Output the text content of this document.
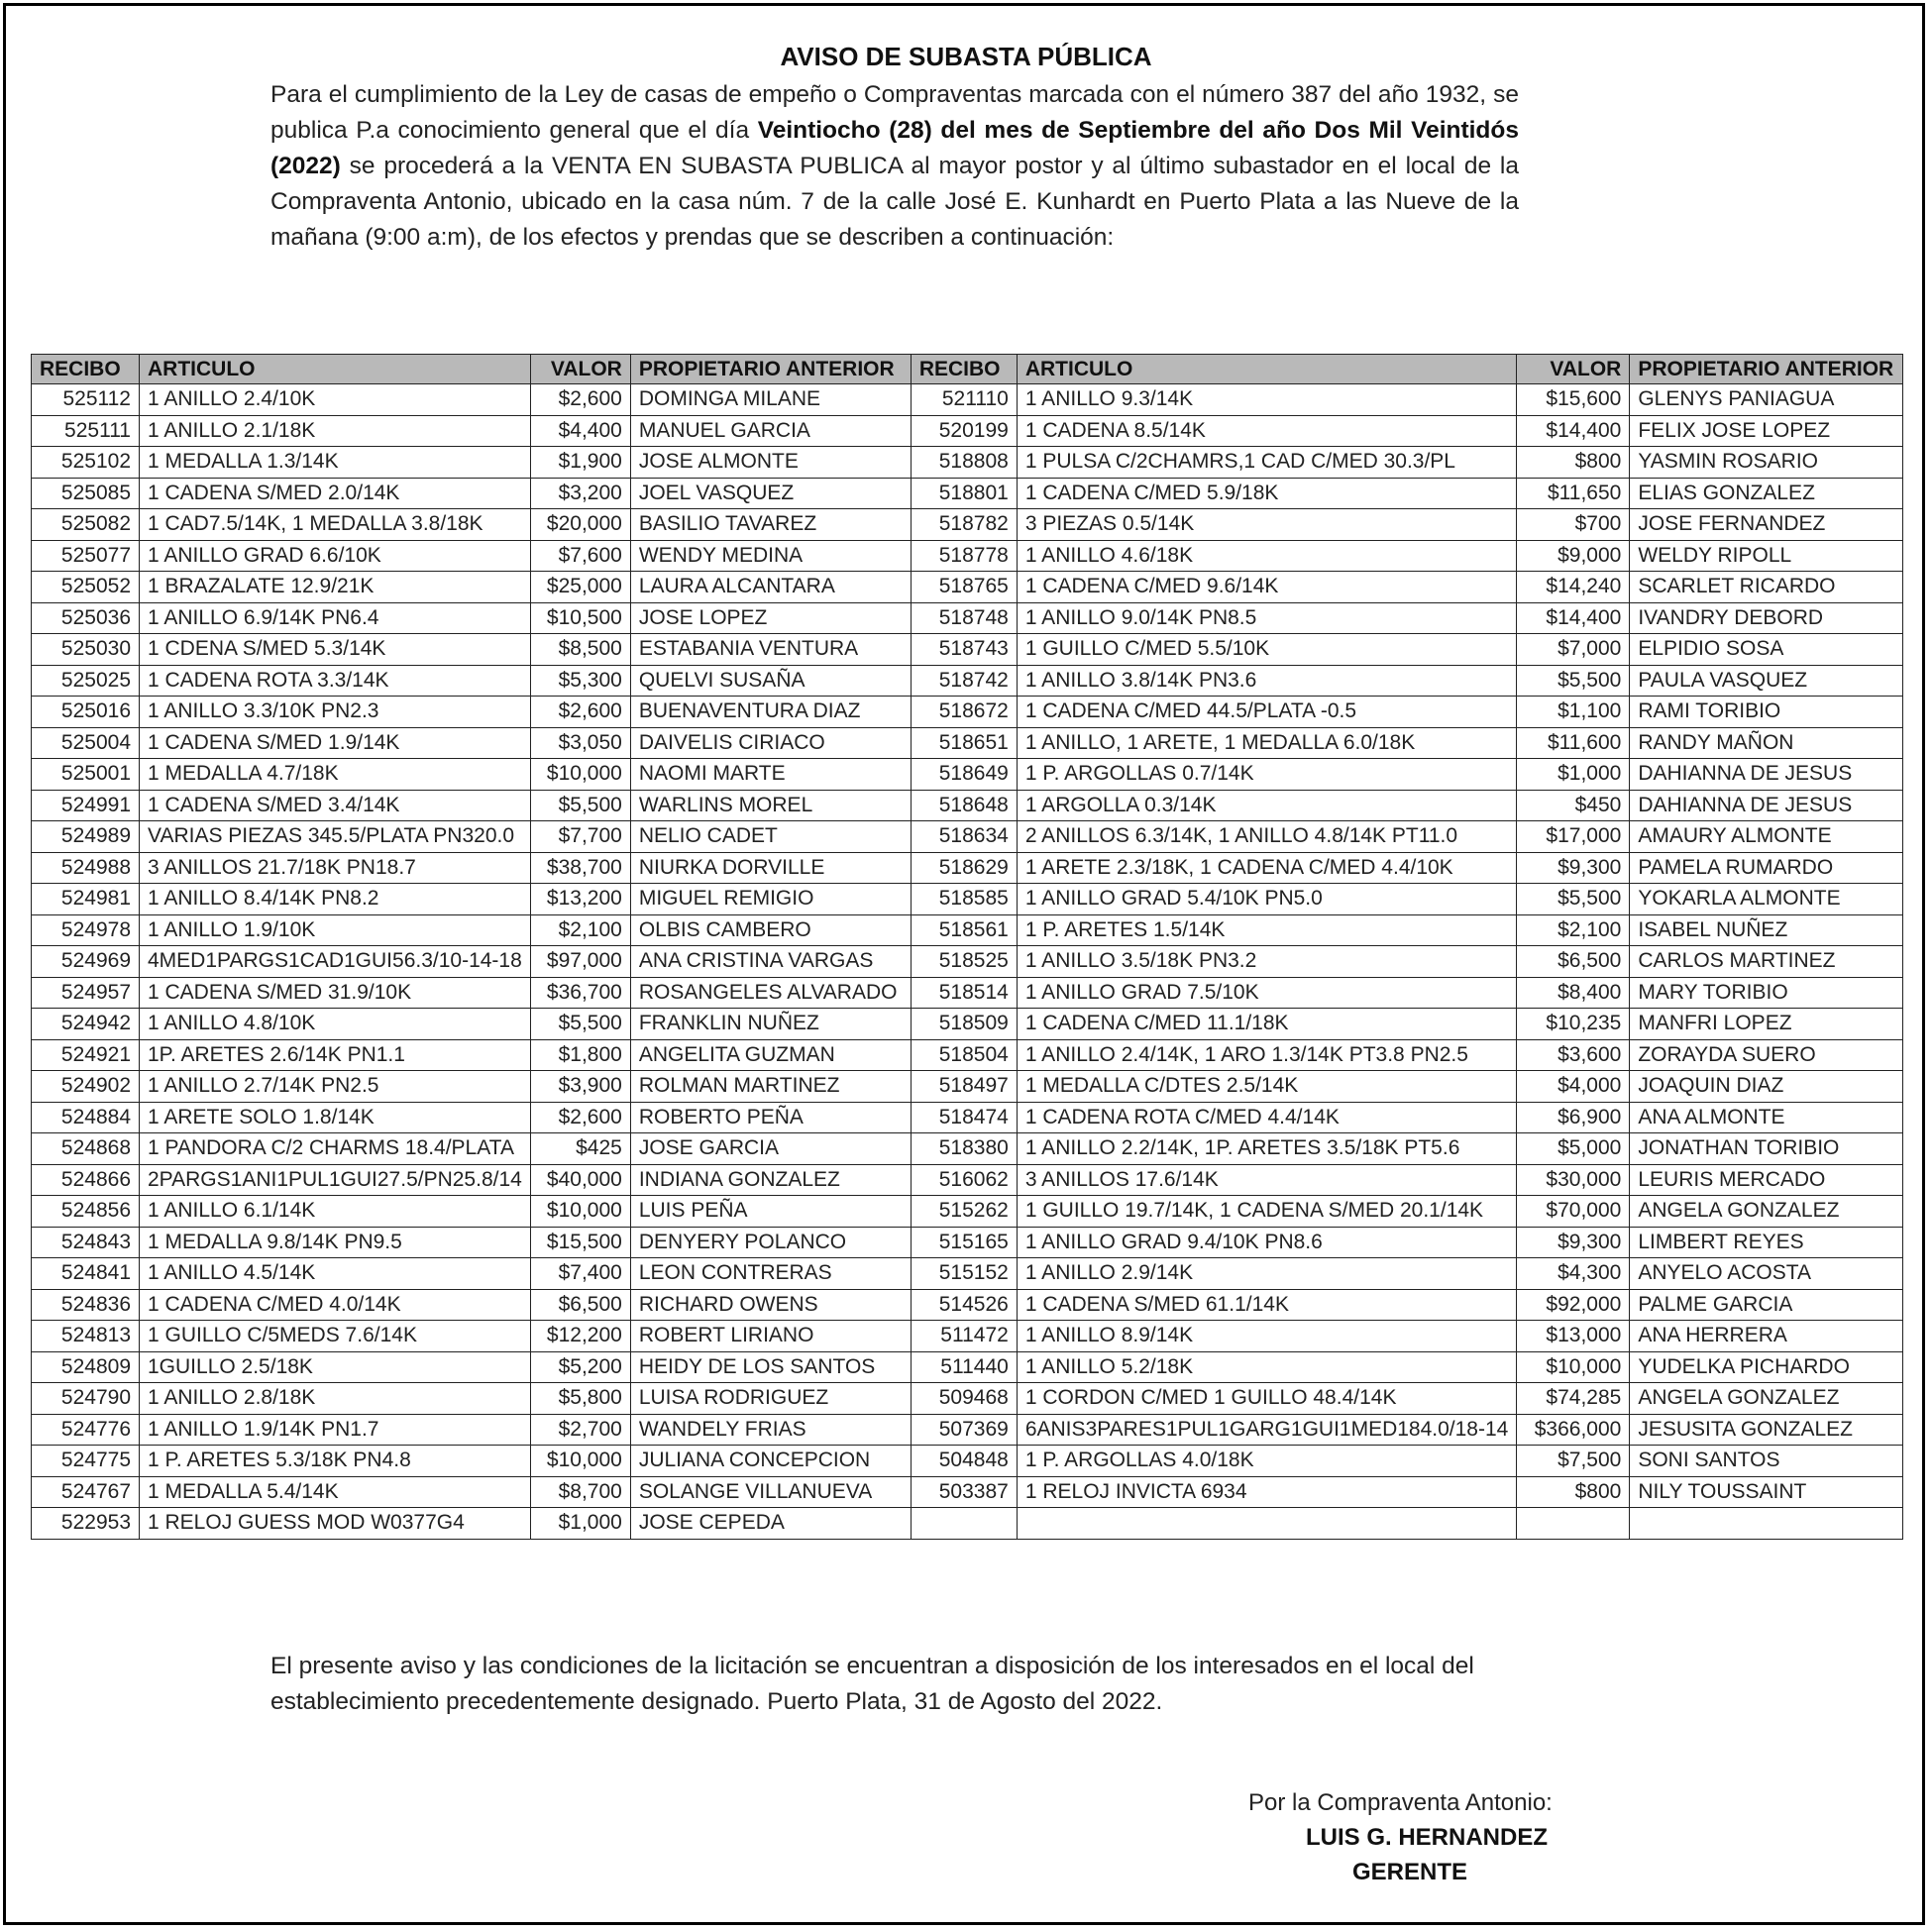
AVISO DE SUBASTA PÚBLICA
Para el cumplimiento de la Ley de casas de empeño o Compraventas marcada con el número 387 del año 1932, se publica P.a conocimiento general que el día Veintiocho (28) del mes de Septiembre del año Dos Mil Veintidós (2022) se procederá a la VENTA EN SUBASTA PUBLICA al mayor postor y al último subastador en el local de la Compraventa Antonio, ubicado en la casa núm. 7 de la calle José E. Kunhardt en Puerto Plata a las Nueve de la mañana (9:00 a:m), de los efectos y prendas que se describen a continuación:
RECIBO	ARTICULO	VALOR	PROPIETARIO ANTERIOR	RECIBO	ARTICULO	VALOR	PROPIETARIO ANTERIOR
525112	1 ANILLO 2.4/10K	$2,600	DOMINGA MILANE	521110	1 ANILLO 9.3/14K	$15,600	GLENYS PANIAGUA
525111	1 ANILLO 2.1/18K	$4,400	MANUEL GARCIA	520199	1 CADENA 8.5/14K	$14,400	FELIX JOSE LOPEZ
525102	1 MEDALLA 1.3/14K	$1,900	JOSE ALMONTE	518808	1 PULSA C/2CHAMRS,1 CAD C/MED 30.3/PL	$800	YASMIN ROSARIO
525085	1 CADENA S/MED 2.0/14K	$3,200	JOEL VASQUEZ	518801	1 CADENA C/MED 5.9/18K	$11,650	ELIAS GONZALEZ
525082	1 CAD7.5/14K, 1 MEDALLA 3.8/18K	$20,000	BASILIO TAVAREZ	518782	3 PIEZAS 0.5/14K	$700	JOSE FERNANDEZ
525077	1 ANILLO GRAD 6.6/10K	$7,600	WENDY MEDINA	518778	1 ANILLO 4.6/18K	$9,000	WELDY RIPOLL
525052	1 BRAZALATE 12.9/21K	$25,000	LAURA ALCANTARA	518765	1 CADENA C/MED 9.6/14K	$14,240	SCARLET RICARDO
525036	1 ANILLO 6.9/14K PN6.4	$10,500	JOSE LOPEZ	518748	1 ANILLO 9.0/14K PN8.5	$14,400	IVANDRY DEBORD
525030	1 CDENA S/MED 5.3/14K	$8,500	ESTABANIA VENTURA	518743	1 GUILLO C/MED 5.5/10K	$7,000	ELPIDIO SOSA
525025	1 CADENA ROTA 3.3/14K	$5,300	QUELVI SUSAÑA	518742	1 ANILLO 3.8/14K PN3.6	$5,500	PAULA VASQUEZ
525016	1 ANILLO 3.3/10K PN2.3	$2,600	BUENAVENTURA DIAZ	518672	1 CADENA C/MED 44.5/PLATA -0.5	$1,100	RAMI TORIBIO
525004	1 CADENA S/MED 1.9/14K	$3,050	DAIVELIS CIRIACO	518651	1 ANILLO, 1 ARETE, 1 MEDALLA 6.0/18K	$11,600	RANDY MAÑON
525001	1 MEDALLA 4.7/18K	$10,000	NAOMI MARTE	518649	1 P. ARGOLLAS 0.7/14K	$1,000	DAHIANNA DE JESUS
524991	1 CADENA S/MED 3.4/14K	$5,500	WARLINS MOREL	518648	1 ARGOLLA 0.3/14K	$450	DAHIANNA DE JESUS
524989	VARIAS PIEZAS 345.5/PLATA PN320.0	$7,700	NELIO CADET	518634	2 ANILLOS 6.3/14K, 1 ANILLO 4.8/14K PT11.0	$17,000	AMAURY ALMONTE
524988	3 ANILLOS 21.7/18K PN18.7	$38,700	NIURKA DORVILLE	518629	1 ARETE 2.3/18K, 1 CADENA C/MED 4.4/10K	$9,300	PAMELA RUMARDO
524981	1 ANILLO 8.4/14K PN8.2	$13,200	MIGUEL REMIGIO	518585	1 ANILLO GRAD 5.4/10K PN5.0	$5,500	YOKARLA ALMONTE
524978	1 ANILLO 1.9/10K	$2,100	OLBIS CAMBERO	518561	1 P. ARETES 1.5/14K	$2,100	ISABEL NUÑEZ
524969	4MED1PARGS1CAD1GUI56.3/10-14-18	$97,000	ANA CRISTINA VARGAS	518525	1 ANILLO 3.5/18K PN3.2	$6,500	CARLOS MARTINEZ
524957	1 CADENA S/MED 31.9/10K	$36,700	ROSANGELES ALVARADO	518514	1 ANILLO GRAD 7.5/10K	$8,400	MARY TORIBIO
524942	1 ANILLO 4.8/10K	$5,500	FRANKLIN NUÑEZ	518509	1 CADENA C/MED 11.1/18K	$10,235	MANFRI LOPEZ
524921	1P. ARETES 2.6/14K PN1.1	$1,800	ANGELITA GUZMAN	518504	1 ANILLO 2.4/14K, 1 ARO 1.3/14K PT3.8 PN2.5	$3,600	ZORAYDA SUERO
524902	1 ANILLO 2.7/14K PN2.5	$3,900	ROLMAN MARTINEZ	518497	1 MEDALLA C/DTES 2.5/14K	$4,000	JOAQUIN DIAZ
524884	1 ARETE SOLO 1.8/14K	$2,600	ROBERTO PEÑA	518474	1 CADENA ROTA C/MED 4.4/14K	$6,900	ANA ALMONTE
524868	1 PANDORA C/2 CHARMS 18.4/PLATA	$425	JOSE GARCIA	518380	1 ANILLO 2.2/14K, 1P. ARETES 3.5/18K PT5.6	$5,000	JONATHAN TORIBIO
524866	2PARGS1ANI1PUL1GUI27.5/PN25.8/14	$40,000	INDIANA GONZALEZ	516062	3 ANILLOS 17.6/14K	$30,000	LEURIS MERCADO
524856	1 ANILLO 6.1/14K	$10,000	LUIS PEÑA	515262	1 GUILLO 19.7/14K, 1 CADENA S/MED 20.1/14K	$70,000	ANGELA GONZALEZ
524843	1 MEDALLA 9.8/14K PN9.5	$15,500	DENYERY POLANCO	515165	1 ANILLO GRAD 9.4/10K PN8.6	$9,300	LIMBERT REYES
524841	1 ANILLO 4.5/14K	$7,400	LEON CONTRERAS	515152	1 ANILLO 2.9/14K	$4,300	ANYELO ACOSTA
524836	1 CADENA C/MED 4.0/14K	$6,500	RICHARD OWENS	514526	1 CADENA S/MED 61.1/14K	$92,000	PALME GARCIA
524813	1 GUILLO C/5MEDS 7.6/14K	$12,200	ROBERT LIRIANO	511472	1 ANILLO 8.9/14K	$13,000	ANA HERRERA
524809	1GUILLO 2.5/18K	$5,200	HEIDY DE LOS SANTOS	511440	1 ANILLO 5.2/18K	$10,000	YUDELKA PICHARDO
524790	1 ANILLO 2.8/18K	$5,800	LUISA RODRIGUEZ	509468	1 CORDON C/MED 1 GUILLO 48.4/14K	$74,285	ANGELA GONZALEZ
524776	1 ANILLO 1.9/14K PN1.7	$2,700	WANDELY FRIAS	507369	6ANIS3PARES1PUL1GARG1GUI1MED184.0/18-14	$366,000	JESUSITA GONZALEZ
524775	1 P. ARETES 5.3/18K PN4.8	$10,000	JULIANA CONCEPCION	504848	1 P. ARGOLLAS 4.0/18K	$7,500	SONI SANTOS
524767	1 MEDALLA 5.4/14K	$8,700	SOLANGE VILLANUEVA	503387	1 RELOJ INVICTA 6934	$800	NILY TOUSSAINT
522953	1 RELOJ GUESS MOD W0377G4	$1,000	JOSE CEPEDA				
El presente aviso y las condiciones de la licitación se encuentran a disposición de los interesados en el local del establecimiento precedentemente designado. Puerto Plata, 31 de Agosto del 2022.
Por la Compraventa Antonio:
LUIS G. HERNANDEZ
GERENTE
